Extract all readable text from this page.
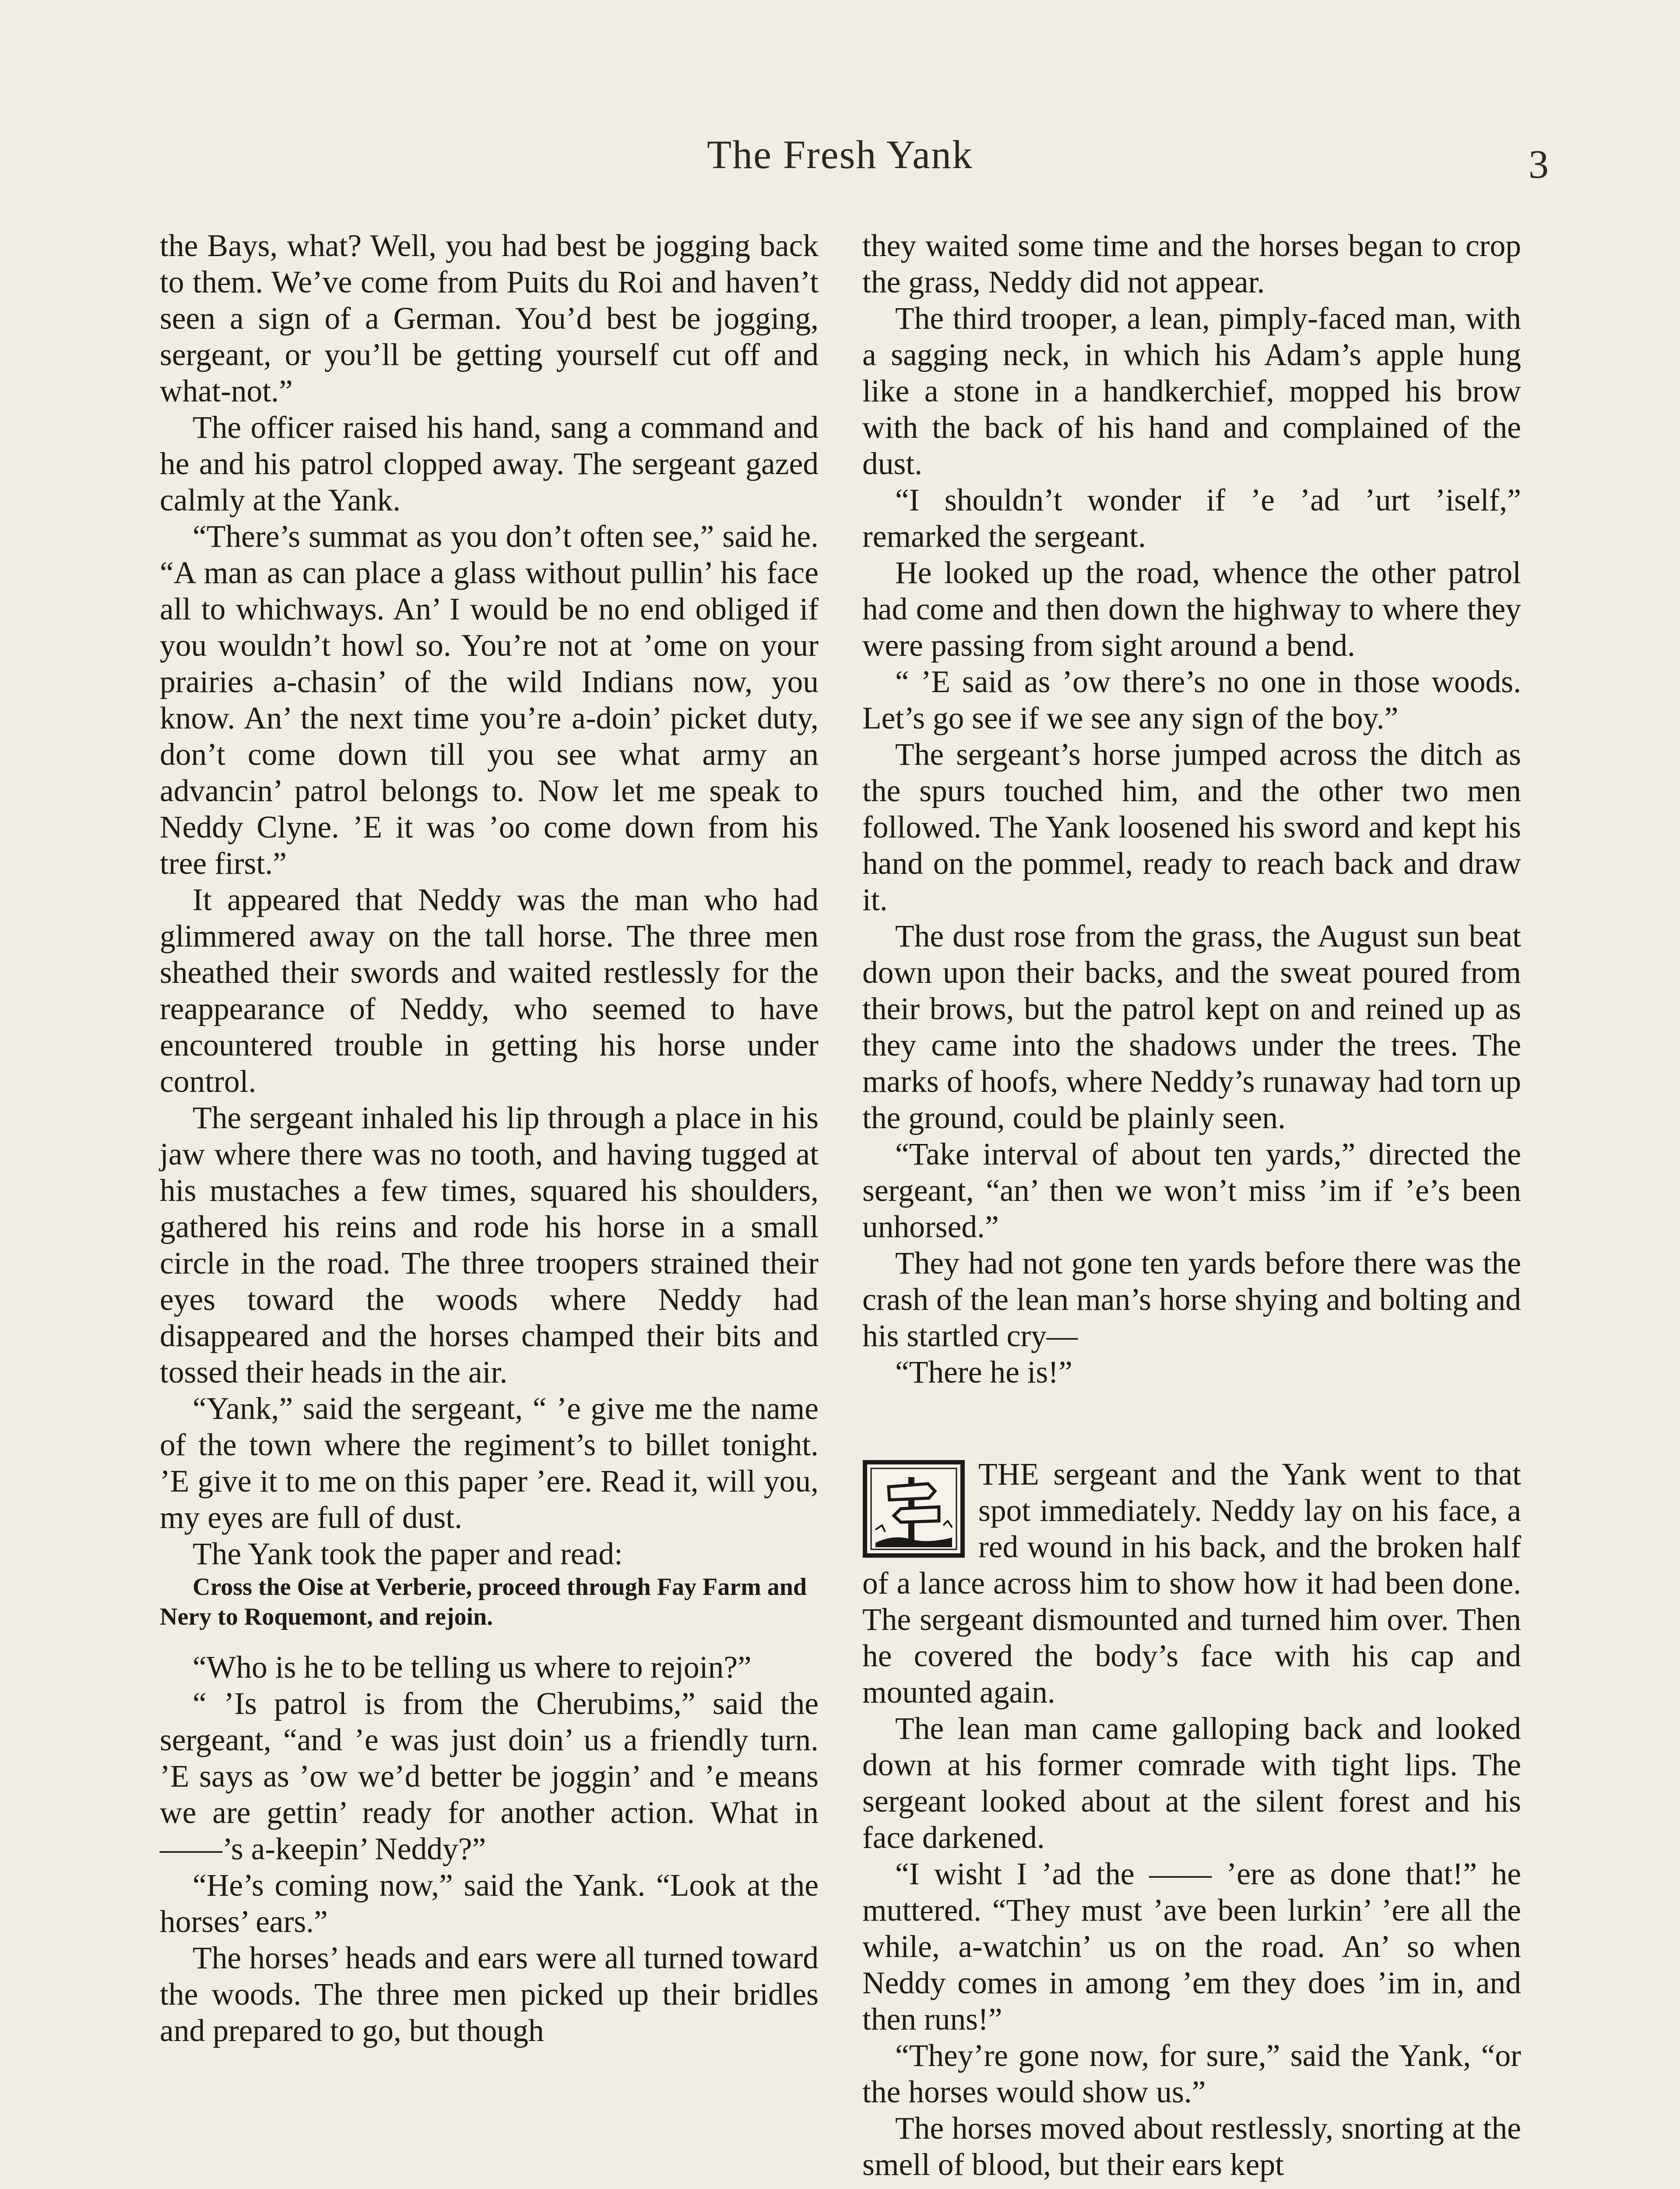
The Fresh Yank	3

the Bays, what? Well, you had best be jogging back to them. We’ve come from Puits du Roi and haven’t seen a sign of a German. You’d best be jogging, sergeant, or you’ll be getting yourself cut off and what-not.”

The officer raised his hand, sang a command and he and his patrol clopped away. The sergeant gazed calmly at the Yank.

“There’s summat as you don’t often see,” said he. “A man as can place a glass without pullin’ his face all to whichways. An’ I would be no end obliged if you wouldn’t howl so. You’re not at ’ome on your prairies a-chasin’ of the wild Indians now, you know. An’ the next time you’re a-doin’ picket duty, don’t come down till you see what army an advancin’ patrol belongs to. Now let me speak to Neddy Clyne. ’E it was ’oo come down from his tree first.”

It appeared that Neddy was the man who had glimmered away on the tall horse. The three men sheathed their swords and waited restlessly for the reappearance of Neddy, who seemed to have encountered trouble in getting his horse under control.

The sergeant inhaled his lip through a place in his jaw where there was no tooth, and having tugged at his mustaches a few times, squared his shoulders, gathered his reins and rode his horse in a small circle in the road. The three troopers strained their eyes toward the woods where Neddy had disappeared and the horses champed their bits and tossed their heads in the air.

“Yank,” said the sergeant, “ ’e give me the name of the town where the regiment’s to billet tonight. ’E give it to me on this paper ’ere. Read it, will you, my eyes are full of dust.

The Yank took the paper and read:

Cross the Oise at Verberie, proceed through Fay Farm and Nery to Roquemont, and rejoin.

“Who is he to be telling us where to rejoin?”

“ ’Is patrol is from the Cherubims,” said the sergeant, “and ’e was just doin’ us a friendly turn. ’E says as ’ow we’d better be joggin’ and ’e means we are gettin’ ready for another action. What in ——’s a-keepin’ Neddy?”

“He’s coming now,” said the Yank. “Look at the horses’ ears.”

The horses’ heads and ears were all turned toward the woods. The three men picked up their bridles and prepared to go, but though

they waited some time and the horses began to crop the grass, Neddy did not appear.

The third trooper, a lean, pimply-faced man, with a sagging neck, in which his Adam’s apple hung like a stone in a handkerchief, mopped his brow with the back of his hand and complained of the dust.

“I shouldn’t wonder if ’e ’ad ’urt ’iself,” remarked the sergeant.

He looked up the road, whence the other patrol had come and then down the highway to where they were passing from sight around a bend.

“ ’E said as ’ow there’s no one in those woods. Let’s go see if we see any sign of the boy.”

The sergeant’s horse jumped across the ditch as the spurs touched him, and the other two men followed. The Yank loosened his sword and kept his hand on the pommel, ready to reach back and draw it.

The dust rose from the grass, the August sun beat down upon their backs, and the sweat poured from their brows, but the patrol kept on and reined up as they came into the shadows under the trees. The marks of hoofs, where Neddy’s runaway had torn up the ground, could be plainly seen.

“Take interval of about ten yards,” directed the sergeant, “an’ then we won’t miss ’im if ’e’s been unhorsed.”

They had not gone ten yards before there was the crash of the lean man’s horse shying and bolting and his startled cry—

“There he is!”

THE sergeant and the Yank went to that spot immediately. Neddy lay on his face, a red wound in his back, and the broken half of a lance across him to show how it had been done. The sergeant dismounted and turned him over. Then he covered the body’s face with his cap and mounted again.

The lean man came galloping back and looked down at his former comrade with tight lips. The sergeant looked about at the silent forest and his face darkened.

“I wisht I ’ad the —— ’ere as done that!” he muttered. “They must ’ave been lurkin’ ’ere all the while, a-watchin’ us on the road. An’ so when Neddy comes in among ’em they does ’im in, and then runs!”

“They’re gone now, for sure,” said the Yank, “or the horses would show us.”

The horses moved about restlessly, snorting at the smell of blood, but their ears kept
